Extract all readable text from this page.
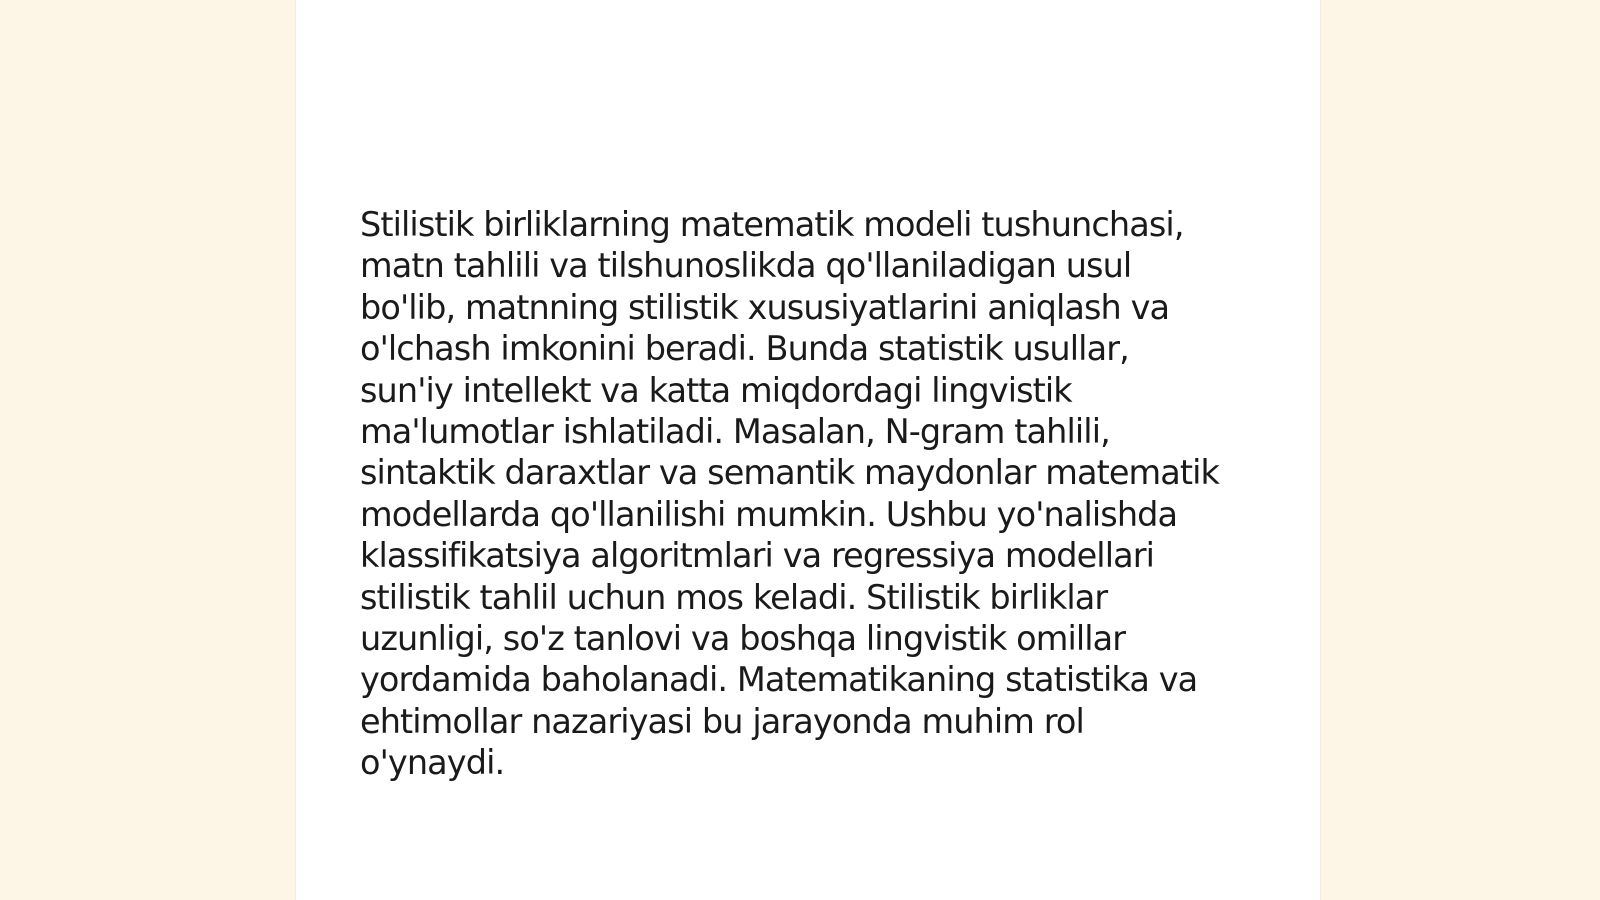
Stilistik birliklarning matematik modeli tushunchasi,
matn tahlili va tilshunoslikda qo'llaniladigan usul
bo'lib, matnning stilistik xususiyatlarini aniqlash va
o'lchash imkonini beradi. Bunda statistik usullar,
sun'iy intellekt va katta miqdordagi lingvistik
ma'lumotlar ishlatiladi. Masalan, N-gram tahlili,
sintaktik daraxtlar va semantik maydonlar matematik
modellarda qo'llanilishi mumkin. Ushbu yo'nalishda
klassifikatsiya algoritmlari va regressiya modellari
stilistik tahlil uchun mos keladi. Stilistik birliklar
uzunligi, so'z tanlovi va boshqa lingvistik omillar
yordamida baholanadi. Matematikaning statistika va
ehtimollar nazariyasi bu jarayonda muhim rol
o'ynaydi.
